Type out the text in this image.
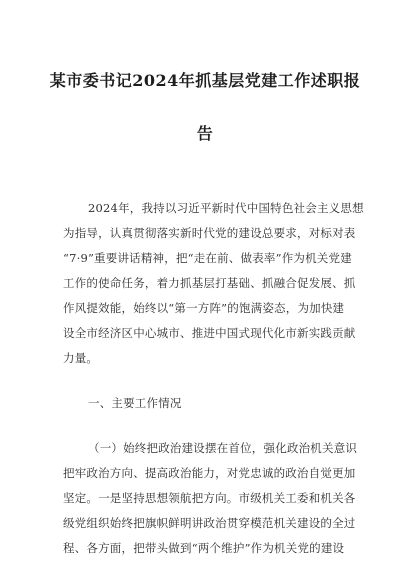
某市委书记2024年抓基层党建工作述职报
告
2024年，我持以习近平新时代中国特色社会主义思想
为指导，认真贯彻落实新时代党的建设总要求，对标对表
“7·9”重要讲话精神，把“走在前、做表率”作为机关党建
工作的使命任务，着力抓基层打基础、抓融合促发展、抓
作风提效能，始终以“第一方阵”的饱满姿态，为加快建
设全市经济区中心城市、推进中国式现代化市新实践贡献
力量。
一、主要工作情况
（一）始终把政治建设摆在首位，强化政治机关意识
把牢政治方向、提高政治能力，对党忠诚的政治自觉更加
坚定。一是坚持思想领航把方向。市级机关工委和机关各
级党组织始终把旗帜鲜明讲政治贯穿模范机关建设的全过
程、各方面，把带头做到“两个维护”作为机关党的建设
